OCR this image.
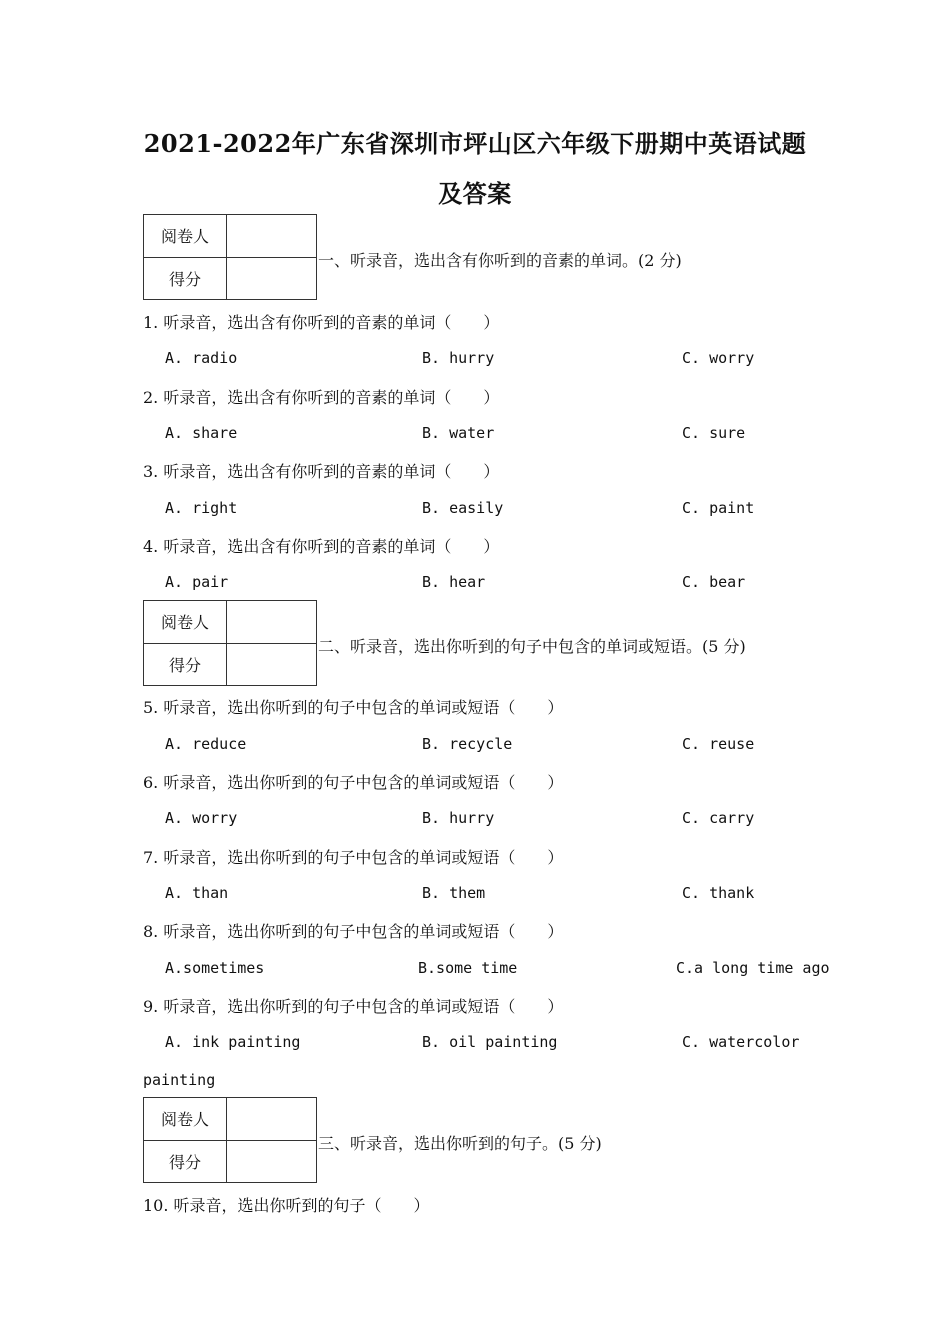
2021-2022年广东省深圳市坪山区六年级下册期中英语试题
及答案
阅卷人	
得分	
一、听录音，选出含有你听到的音素的单词。(2 分)
1. 听录音，选出含有你听到的音素的单词（　　）
A. radio	B. hurry	C. worry
2. 听录音，选出含有你听到的音素的单词（　　）
A. share	B. water	C. sure
3. 听录音，选出含有你听到的音素的单词（　　）
A. right	B. easily	C. paint
4. 听录音，选出含有你听到的音素的单词（　　）
A. pair	B. hear	C. bear
阅卷人	
得分	
二、听录音，选出你听到的句子中包含的单词或短语。(5 分)
5. 听录音，选出你听到的句子中包含的单词或短语（　　）
A. reduce	B. recycle	C. reuse
6. 听录音，选出你听到的句子中包含的单词或短语（　　）
A. worry	B. hurry	C. carry
7. 听录音，选出你听到的句子中包含的单词或短语（　　）
A. than	B. them	C. thank
8. 听录音，选出你听到的句子中包含的单词或短语（　　）
A.sometimes	B.some time	C.a long time ago
9. 听录音，选出你听到的句子中包含的单词或短语（　　）
A. ink painting	B. oil painting	C. watercolor
painting
阅卷人	
得分	
三、听录音，选出你听到的句子。(5 分)
10. 听录音，选出你听到的句子（　　）
